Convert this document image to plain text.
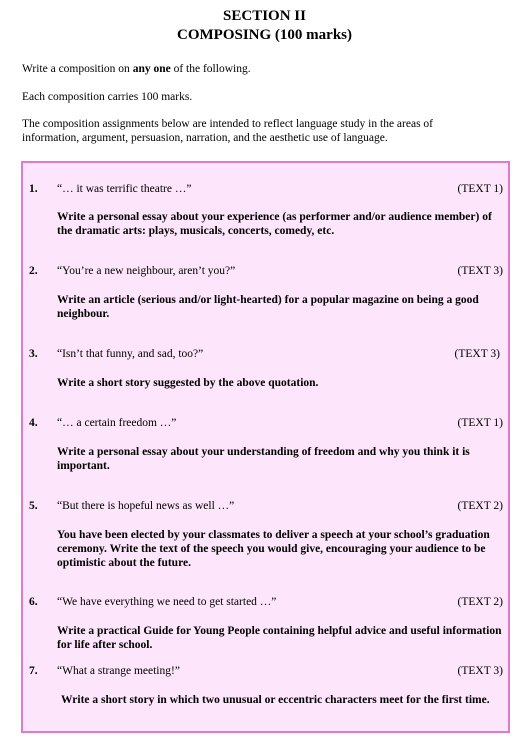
SECTION II
COMPOSING (100 marks)
Write a composition on any one of the following.
Each composition carries 100 marks.
The composition assignments below are intended to reflect language study in the areas of
information, argument, persuasion, narration, and the aesthetic use of language.
1. “… it was terrific theatre …”	(TEXT 1)
Write a personal essay about your experience (as performer and/or audience member) of the dramatic arts: plays, musicals, concerts, comedy, etc.
2. “You’re a new neighbour, aren’t you?”	(TEXT 3)
Write an article (serious and/or light-hearted) for a popular magazine on being a good neighbour.
3. “Isn’t that funny, and sad, too?”	(TEXT 3)
Write a short story suggested by the above quotation.
4. “… a certain freedom …”	(TEXT 1)
Write a personal essay about your understanding of freedom and why you think it is important.
5. “But there is hopeful news as well …”	(TEXT 2)
You have been elected by your classmates to deliver a speech at your school’s graduation ceremony. Write the text of the speech you would give, encouraging your audience to be optimistic about the future.
6. “We have everything we need to get started …”	(TEXT 2)
Write a practical Guide for Young People containing helpful advice and useful information for life after school.
7. “What a strange meeting!”	(TEXT 3)
Write a short story in which two unusual or eccentric characters meet for the first time.
